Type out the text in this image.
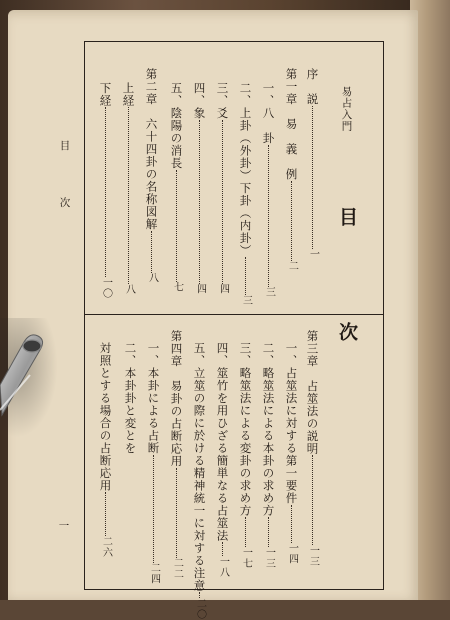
易占入門
目
次
目　次
一
序　説一
第一章　易　義　例二
一、八　卦三
二、上卦（外卦）下卦（内卦）三
三、爻四
四、象四
五、陰陽の消長七
第二章　六十四卦の名称図解八
上経八
下経一〇
第三章　占筮法の説明一三
一、占筮法に対する第一要件一四
二、略筮法による本卦の求め方一三
三、略筮法による変卦の求め方一七
四、筮竹を用ひざる簡単なる占筮法一八
五、立筮の際に於ける精神統一に対する注意二〇
第四章　易卦の占断応用二二
一、本卦による占断二四
二、本卦卦と変とを
対照とする場合の占断応用二六
